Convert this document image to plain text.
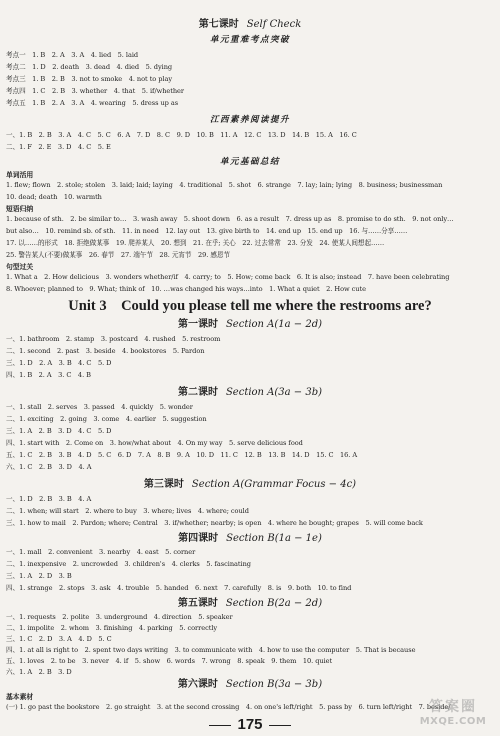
第七课时 Self Check
单元重难考点突破
考点一　1. B　2. A　3. A　4. lied　5. laid
考点二　1. D　2. death　3. dead　4. died　5. dying
考点三　1. B　2. B　3. not to smoke　4. not to play
考点四　1. C　2. B　3. whether　4. that　5. if/whether
考点五　1. B　2. A　3. A　4. wearing　5. dress up as
江西素养阅读提升
一、1. B　2. B　3. A　4. C　5. C　6. A　7. D　8. C　9. D　10. B　11. A　12. C　13. D　14. B　15. A　16. C
二、1. F　2. E　3. D　4. C　5. E
单元基础总结
单词活用
1. flew; flown　2. stole; stolen　3. laid; laid; laying　4. traditional　5. shot　6. strange　7. lay; lain; lying　8. business; businessman
10. dead; death　10. warmth
短语归纳
1. because of sth.　2. be similar to…　3. wash away　5. shoot down　6. as a result　7. dress up as　8. promise to do sth.　9. not only…
but also…　10. remind sb. of sth.　11. in need　12. lay out　13. give birth to　14. end up　15. end up　16. 与……分享……
17. 以……的形式　18. 拒绝做某事　19. 爬养某人　20. 想到　21. 在乎; 关心　22. 过去常常　23. 分发　24. 使某人间想起……
25. 警告某人(不要)做某事　26. 春节　27. 端午节　28. 元宵节　29. 感恩节
句型过关
1. What a　2. How delicious　3. wonders whether/if　4. carry; to　5. How; come back　6. It is also; instead　7. have been celebrating
8. Whoever; planned to　9. What; think of　10. …was changed his ways…into　1. What a quiet　2. How cute
Unit 3　Could you please tell me where the restrooms are?
第一课时 Section A(1a − 2d)
一、1. bathroom　2. stamp　3. postcard　4. rushed　5. restroom
二、1. second　2. past　3. beside　4. bookstores　5. Pardon
三、1. D　2. A　3. B　4. C　5. D
四、1. B　2. A　3. C　4. B
第二课时 Section A(3a − 3b)
一、1. stall　2. serves　3. passed　4. quickly　5. wonder
二、1. exciting　2. going　3. come　4. earlier　5. suggestion
三、1. A　2. B　3. D　4. C　5. D
四、1. start with　2. Come on　3. how/what about　4. On my way　5. serve delicious food
五、1. C　2. B　3. B　4. D　5. C　6. D　7. A　8. B　9. A　10. D　11. C　12. B　13. B　14. D　15. C　16. A
六、1. C　2. B　3. D　4. A
第三课时 Section A(Grammar Focus − 4c)
一、1. D　2. B　3. B　4. A
二、1. when; will start　2. where to buy　3. where; lives　4. where; could
三、1. how to mail　2. Pardon; where; Central　3. if/whether; nearby; is open　4. where he bought; grapes　5. will come back
第四课时 Section B(1a − 1e)
一、1. mall　2. convenient　3. nearby　4. east　5. corner
二、1. inexpensive　2. uncrowded　3. children's　4. clerks　5. fascinating
三、1. A　2. D　3. B
四、1. strange　2. stops　3. ask　4. trouble　5. handed　6. next　7. carefully　8. is　9. both　10. to find
第五课时 Section B(2a − 2d)
一、1. requests　2. polite　3. underground　4. direction　5. speaker
二、1. impolite　2. whom　3. finishing　4. parking　5. correctly
三、1. C　2. D　3. A　4. D　5. C
四、1. at all is right to　2. spent two days writing　3. to communicate with　4. how to use the computer　5. That is because
五、1. loves　2. to be　3. never　4. if　5. show　6. words　7. wrong　8. speak　9. them　10. quiet
六、1. A　2. B　3. D
第六课时 Section B(3a − 3b)
基本素材
(一) 1. go past the bookstore　2. go straight　3. at the second crossing　4. on one's left/right　5. pass by　6. turn left/right　7. beside/
175
答案圈
MXQE.COM
